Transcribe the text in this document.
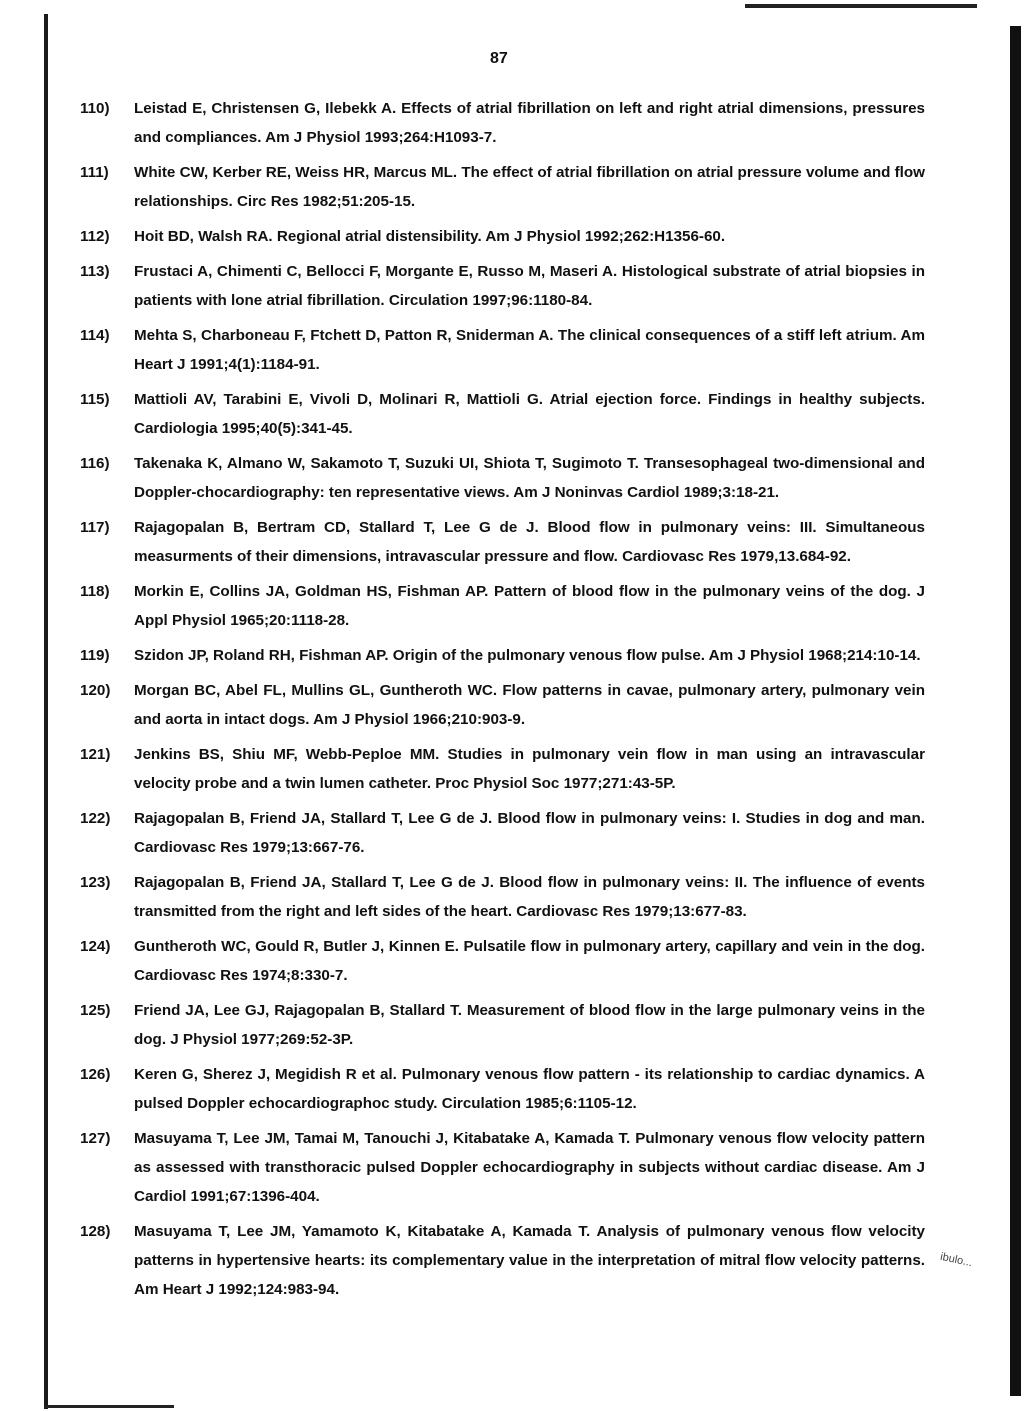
87
110) Leistad E, Christensen G, Ilebekk A. Effects of atrial fibrillation on left and right atrial dimensions, pressures and compliances. Am J Physiol 1993;264:H1093-7.
111) White CW, Kerber RE, Weiss HR, Marcus ML. The effect of atrial fibrillation on atrial pressure volume and flow relationships. Circ Res 1982;51:205-15.
112) Hoit BD, Walsh RA. Regional atrial distensibility. Am J Physiol 1992;262:H1356-60.
113) Frustaci A, Chimenti C, Bellocci F, Morgante E, Russo M, Maseri A. Histological substrate of atrial biopsies in patients with lone atrial fibrillation. Circulation 1997;96:1180-84.
114) Mehta S, Charboneau F, Ftchett D, Patton R, Sniderman A. The clinical consequences of a stiff left atrium. Am Heart J 1991;4(1):1184-91.
115) Mattioli AV, Tarabini E, Vivoli D, Molinari R, Mattioli G. Atrial ejection force. Findings in healthy subjects. Cardiologia 1995;40(5):341-45.
116) Takenaka K, Almano W, Sakamoto T, Suzuki UI, Shiota T, Sugimoto T. Transesophageal two-dimensional and Doppler-chocardiography: ten representative views. Am J Noninvas Cardiol 1989;3:18-21.
117) Rajagopalan B, Bertram CD, Stallard T, Lee G de J. Blood flow in pulmonary veins: III. Simultaneous measurments of their dimensions, intravascular pressure and flow. Cardiovasc Res 1979,13.684-92.
118) Morkin E, Collins JA, Goldman HS, Fishman AP. Pattern of blood flow in the pulmonary veins of the dog. J Appl Physiol 1965;20:1118-28.
119) Szidon JP, Roland RH, Fishman AP. Origin of the pulmonary venous flow pulse. Am J Physiol 1968;214:10-14.
120) Morgan BC, Abel FL, Mullins GL, Guntheroth WC. Flow patterns in cavae, pulmonary artery, pulmonary vein and aorta in intact dogs. Am J Physiol 1966;210:903-9.
121) Jenkins BS, Shiu MF, Webb-Peploe MM. Studies in pulmonary vein flow in man using an intravascular velocity probe and a twin lumen catheter. Proc Physiol Soc 1977;271:43-5P.
122) Rajagopalan B, Friend JA, Stallard T, Lee G de J. Blood flow in pulmonary veins: I. Studies in dog and man. Cardiovasc Res 1979;13:667-76.
123) Rajagopalan B, Friend JA, Stallard T, Lee G de J. Blood flow in pulmonary veins: II. The influence of events transmitted from the right and left sides of the heart. Cardiovasc Res 1979;13:677-83.
124) Guntheroth WC, Gould R, Butler J, Kinnen E. Pulsatile flow in pulmonary artery, capillary and vein in the dog. Cardiovasc Res 1974;8:330-7.
125) Friend JA, Lee GJ, Rajagopalan B, Stallard T. Measurement of blood flow in the large pulmonary veins in the dog. J Physiol 1977;269:52-3P.
126) Keren G, Sherez J, Megidish R et al. Pulmonary venous flow pattern - its relationship to cardiac dynamics. A pulsed Doppler echocardiographoc study. Circulation 1985;6:1105-12.
127) Masuyama T, Lee JM, Tamai M, Tanouchi J, Kitabatake A, Kamada T. Pulmonary venous flow velocity pattern as assessed with transthoracic pulsed Doppler echocardiography in subjects without cardiac disease. Am J Cardiol 1991;67:1396-404.
128) Masuyama T, Lee JM, Yamamoto K, Kitabatake A, Kamada T. Analysis of pulmonary venous flow velocity patterns in hypertensive hearts: its complementary value in the interpretation of mitral flow velocity patterns. Am Heart J 1992;124:983-94.
ibulo...
